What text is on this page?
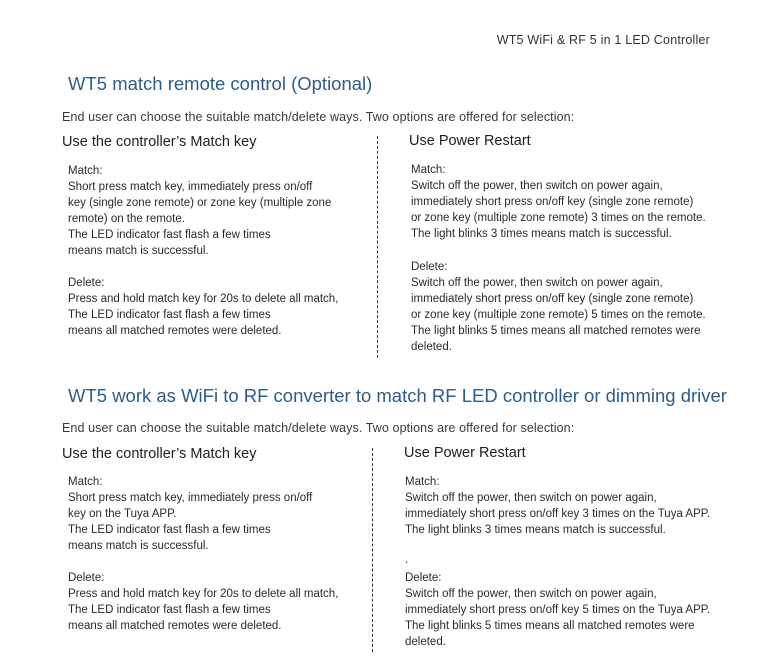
WT5 WiFi & RF 5 in 1 LED Controller
WT5 match remote control (Optional)
End user can choose the suitable match/delete ways. Two options are offered for selection:
Use the controller’s Match key
Match:
Short press match key, immediately press on/off
key (single zone remote) or zone key (multiple zone
remote) on the remote.
The LED indicator fast flash a few times
means match is successful.
Delete:
Press and hold match key for 20s to delete all match,
The LED indicator fast flash a few times
means all matched remotes were deleted.
Use Power Restart
Match:
Switch off the power, then switch on power again,
immediately short press on/off key (single zone remote)
or zone key (multiple zone remote) 3 times on the remote.
The light blinks 3 times means match is successful.
Delete:
Switch off the power, then switch on power again,
immediately short press on/off key (single zone remote)
or zone key (multiple zone remote) 5 times on the remote.
The light blinks 5 times means all matched remotes were
deleted.
WT5 work as WiFi to RF converter to match RF LED controller or dimming driver
End user can choose the suitable match/delete ways. Two options are offered for selection:
Use the controller’s Match key
Match:
Short press match key, immediately press on/off
key on the Tuya APP.
The LED indicator fast flash a few times
means match is successful.
Delete:
Press and hold match key for 20s to delete all match,
The LED indicator fast flash a few times
means all matched remotes were deleted.
Use Power Restart
Match:
Switch off the power, then switch on power again,
immediately short press on/off key 3 times on the Tuya APP.
The light blinks 3 times means match is successful.
.
Delete:
Switch off the power, then switch on power again,
immediately short press on/off key 5 times on the Tuya APP.
The light blinks 5 times means all matched remotes were
deleted.
